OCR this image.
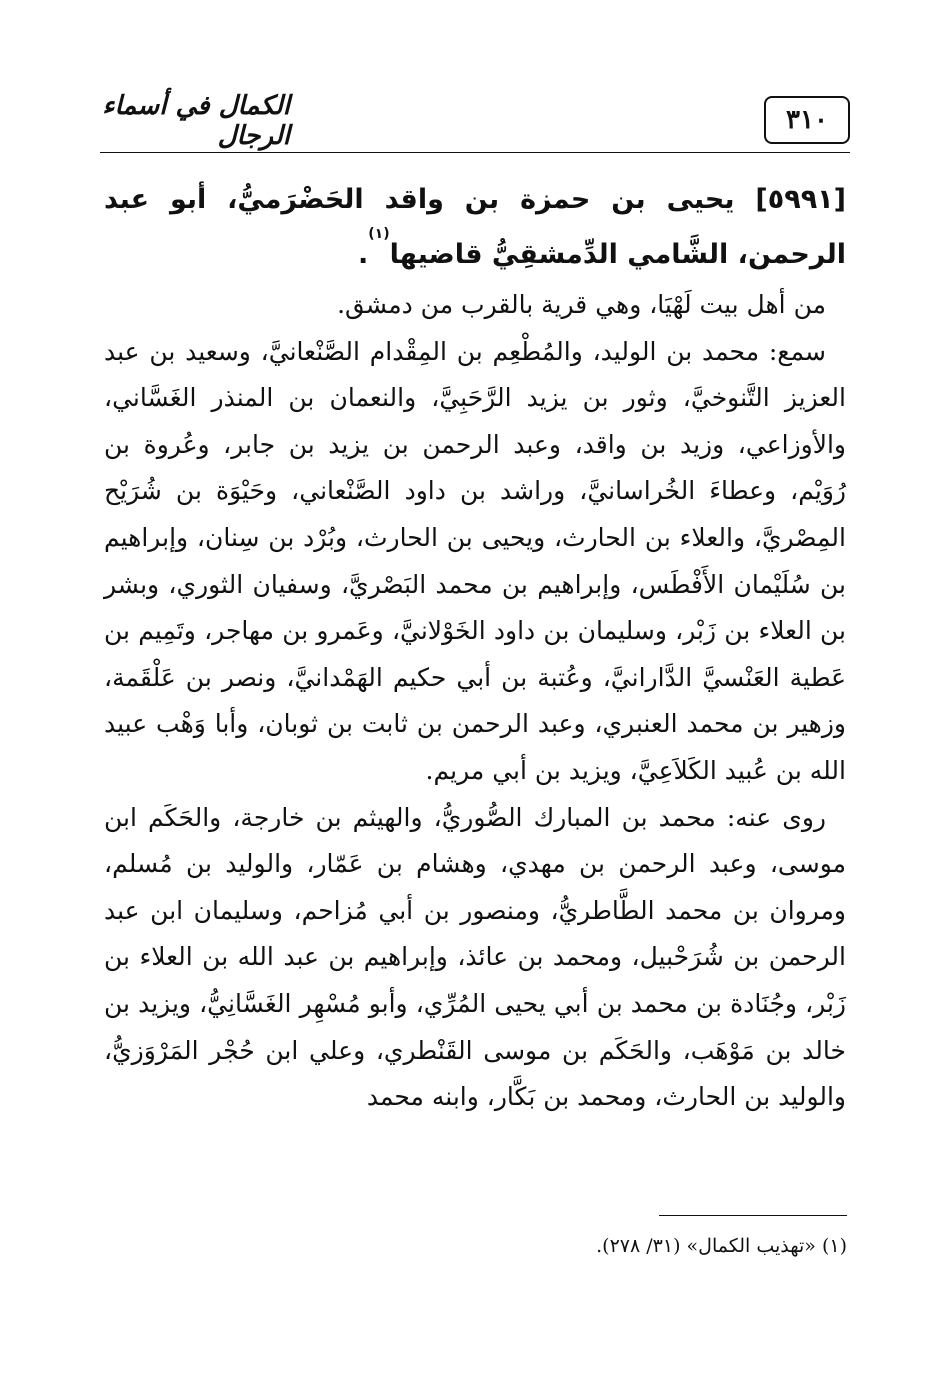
الكمال في أسماء الرجال
٣١٠

[٥٩٩١] يحيى بن حمزة بن واقد الحَضْرَميُّ، أبو عبد الرحمن، الشَّامي الدِّمشقِيُّ قاضيها$^{(١)}$.

من أهل بيت لَهْيَا، وهي قرية بالقرب من دمشق.

سمع: محمد بن الوليد، والمُطْعِم بن المِقْدام الصَّنْعانيَّ، وسعيد بن عبد العزيز التَّنوخيَّ، وثور بن يزيد الرَّحَبِيَّ، والنعمان بن المنذر الغَسَّاني، والأوزاعي، وزيد بن واقد، وعبد الرحمن بن يزيد بن جابر، وعُروة بن رُوَيْم، وعطاءَ الخُراسانيَّ، وراشد بن داود الصَّنْعاني، وحَيْوَة بن شُرَيْح المِصْريَّ، والعلاء بن الحارث، ويحيى بن الحارث، وبُرْد بن سِنان، وإبراهيم بن سُلَيْمان الأَفْطَس، وإبراهيم بن محمد البَصْريَّ، وسفيان الثوري، وبشر بن العلاء بن زَبْر، وسليمان بن داود الخَوْلانيَّ، وعَمرو بن مهاجر، وتَمِيم بن عَطية العَنْسيَّ الدَّارانيَّ، وعُتبة بن أبي حكيم الهَمْدانيَّ، ونصر بن عَلْقَمة، وزهير بن محمد العنبري، وعبد الرحمن بن ثابت بن ثوبان، وأبا وَهْب عبيد الله بن عُبيد الكَلاَعِيَّ، ويزيد بن أبي مريم.

روى عنه: محمد بن المبارك الصُّوريُّ، والهيثم بن خارجة، والحَكَم ابن موسى، وعبد الرحمن بن مهدي، وهشام بن عَمّار، والوليد بن مُسلم، ومروان بن محمد الطَّاطريُّ، ومنصور بن أبي مُزاحم، وسليمان ابن عبد الرحمن بن شُرَحْبيل، ومحمد بن عائذ، وإبراهيم بن عبد الله بن العلاء بن زَبْر، وجُنَادة بن محمد بن أبي يحيى المُرِّي، وأبو مُسْهِر الغَسَّانِيُّ، ويزيد بن خالد بن مَوْهَب، والحَكَم بن موسى القَنْطري، وعلي ابن حُجْر المَرْوَزيُّ، والوليد بن الحارث، ومحمد بن بَكَّار، وابنه محمد

(١) «تهذيب الكمال» (٣١/ ٢٧٨).
